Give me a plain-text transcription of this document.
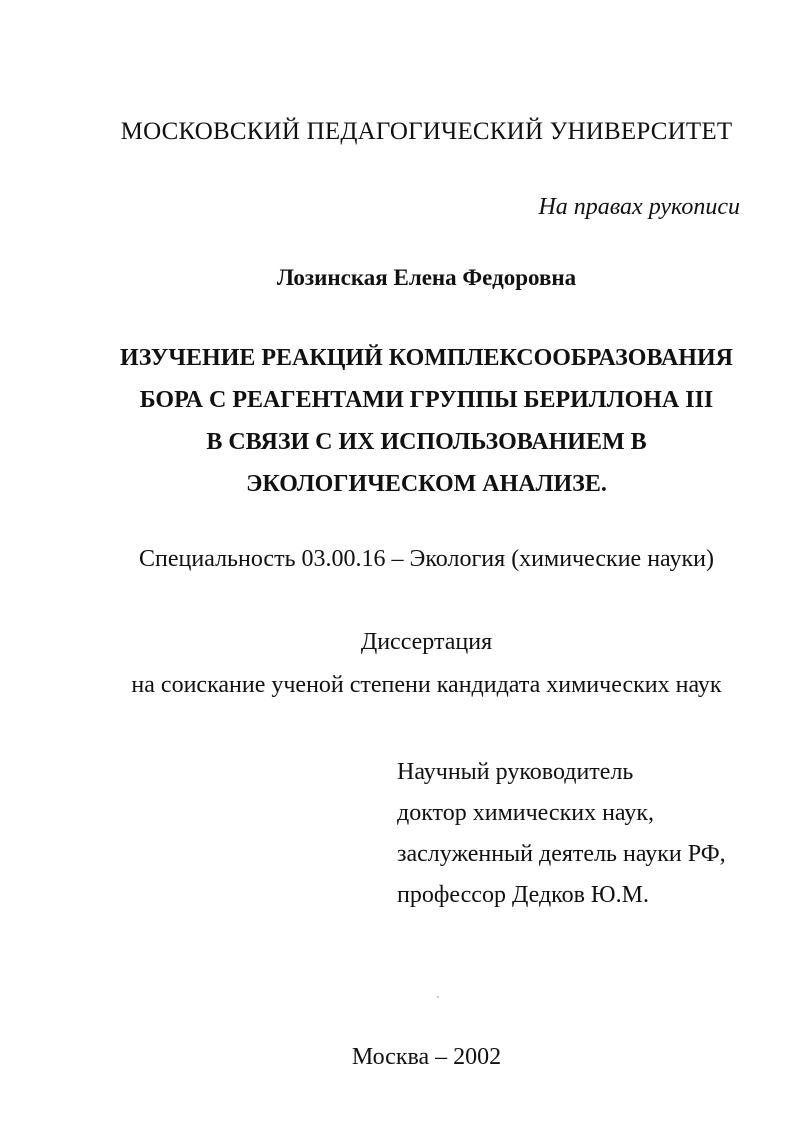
МОСКОВСКИЙ ПЕДАГОГИЧЕСКИЙ УНИВЕРСИТЕТ
На правах рукописи
Лозинская Елена Федоровна
ИЗУЧЕНИЕ РЕАКЦИЙ КОМПЛЕКСООБРАЗОВАНИЯ
БОРА С РЕАГЕНТАМИ ГРУППЫ БЕРИЛЛОНА III
В СВЯЗИ С ИХ ИСПОЛЬЗОВАНИЕМ В
ЭКОЛОГИЧЕСКОМ АНАЛИЗЕ.
Специальность 03.00.16 – Экология (химические науки)
Диссертация
на соискание ученой степени кандидата химических наук
Научный руководитель
доктор химических наук,
заслуженный деятель науки РФ,
профессор Дедков Ю.М.
Москва – 2002
